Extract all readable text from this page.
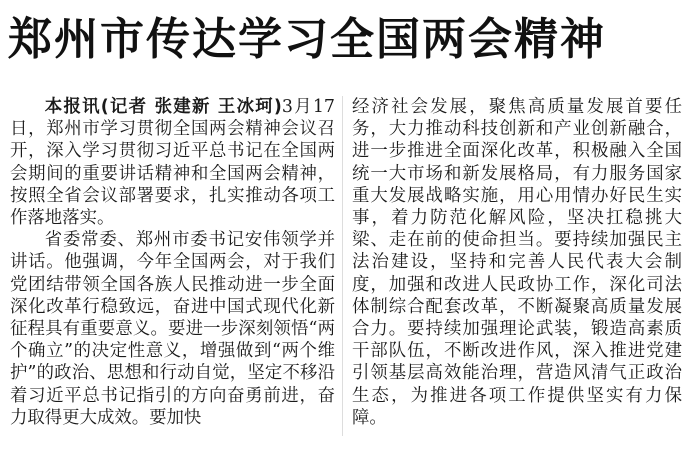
郑州市传达学习全国两会精神

本报讯(记者 张建新 王冰珂)3月17日，郑州市学习贯彻全国两会精神会议召开，深入学习贯彻习近平总书记在全国两会期间的重要讲话精神和全国两会精神，按照全省会议部署要求，扎实推动各项工作落地落实。

省委常委、郑州市委书记安伟领学并讲话。他强调，今年全国两会，对于我们党团结带领全国各族人民推动进一步全面深化改革行稳致远，奋进中国式现代化新征程具有重要意义。要进一步深刻领悟“两个确立”的决定性意义，增强做到“两个维护”的政治、思想和行动自觉，坚定不移沿着习近平总书记指引的方向奋勇前进，奋力取得更大成效。要加快

经济社会发展，聚焦高质量发展首要任务，大力推动科技创新和产业创新融合，进一步推进全面深化改革，积极融入全国统一大市场和新发展格局，有力服务国家重大发展战略实施，用心用情办好民生实事，着力防范化解风险，坚决扛稳挑大梁、走在前的使命担当。要持续加强民主法治建设，坚持和完善人民代表大会制度，加强和改进人民政协工作，深化司法体制综合配套改革，不断凝聚高质量发展合力。要持续加强理论武装，锻造高素质干部队伍，不断改进作风，深入推进党建引领基层高效能治理，营造风清气正政治生态，为推进各项工作提供坚实有力保障。
